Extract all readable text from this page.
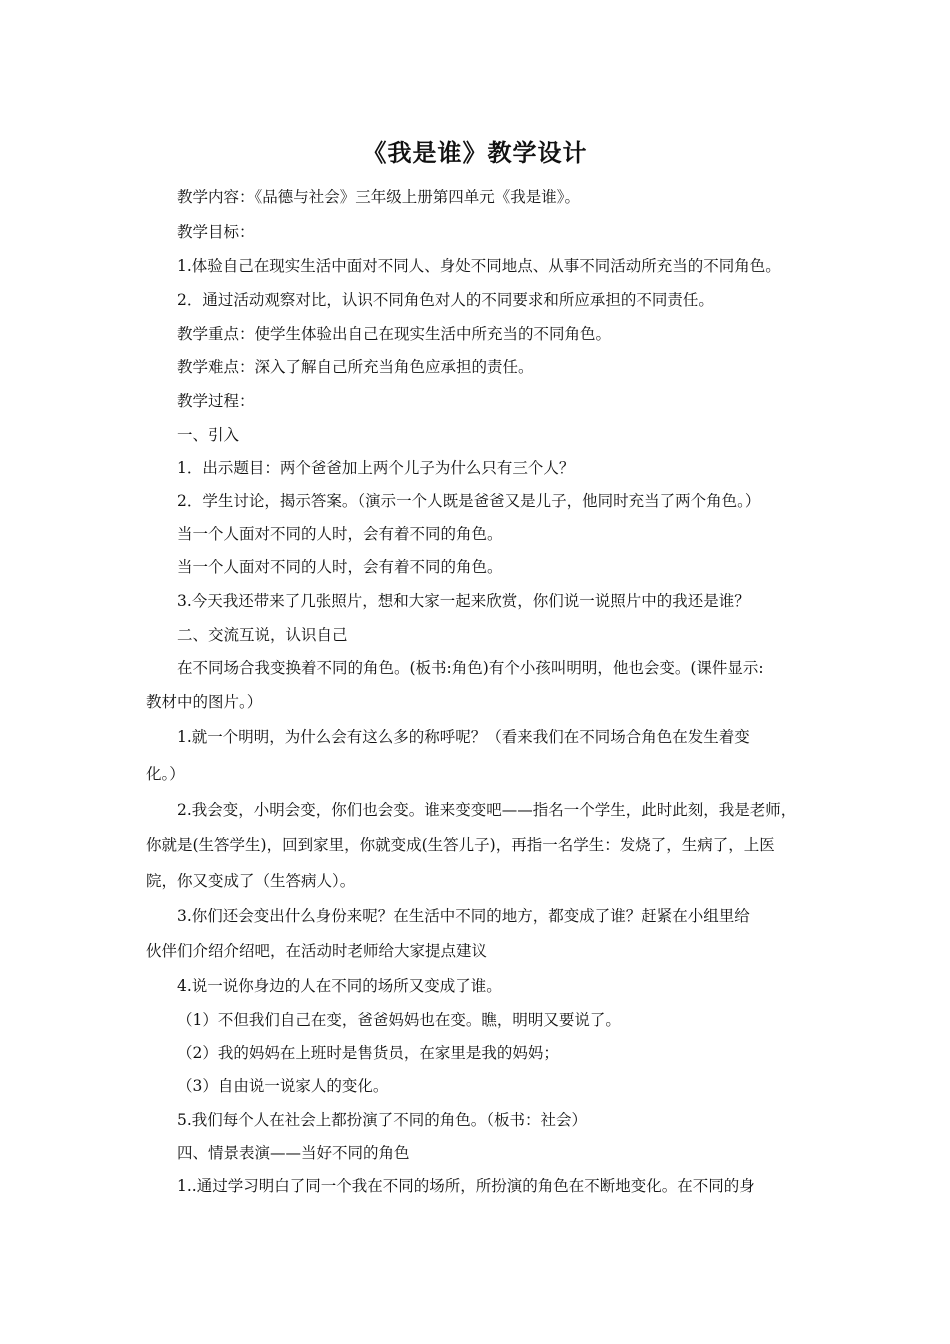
《我是谁》教学设计
教学内容：《品德与社会》三年级上册第四单元《我是谁》。
教学目标：
1.体验自己在现实生活中面对不同人、身处不同地点、从事不同活动所充当的不同角色。
2．通过活动观察对比，认识不同角色对人的不同要求和所应承担的不同责任。
教学重点：使学生体验出自己在现实生活中所充当的不同角色。
教学难点：深入了解自己所充当角色应承担的责任。
教学过程：
一、引入
1．出示题目：两个爸爸加上两个儿子为什么只有三个人？
2．学生讨论，揭示答案。（演示一个人既是爸爸又是儿子，他同时充当了两个角色。）
当一个人面对不同的人时，会有着不同的角色。
当一个人面对不同的人时，会有着不同的角色。
3.今天我还带来了几张照片，想和大家一起来欣赏，你们说一说照片中的我还是谁？
二、交流互说，认识自己
在不同场合我变换着不同的角色。(板书:角色)有个小孩叫明明，他也会变。(课件显示:
教材中的图片。）
1.就一个明明，为什么会有这么多的称呼呢？（看来我们在不同场合角色在发生着变
化。）
2.我会变，小明会变，你们也会变。谁来变变吧——指名一个学生，此时此刻，我是老师，
你就是(生答学生)，回到家里，你就变成(生答儿子)，再指一名学生：发烧了，生病了，上医
院，你又变成了（生答病人）。
3.你们还会变出什么身份来呢？在生活中不同的地方，都变成了谁？赶紧在小组里给
伙伴们介绍介绍吧，在活动时老师给大家提点建议
4.说一说你身边的人在不同的场所又变成了谁。
（1）不但我们自己在变，爸爸妈妈也在变。瞧，明明又要说了。
（2）我的妈妈在上班时是售货员，在家里是我的妈妈；
（3）自由说一说家人的变化。
5.我们每个人在社会上都扮演了不同的角色。（板书：社会）
四、情景表演——当好不同的角色
1..通过学习明白了同一个我在不同的场所，所扮演的角色在不断地变化。在不同的身
